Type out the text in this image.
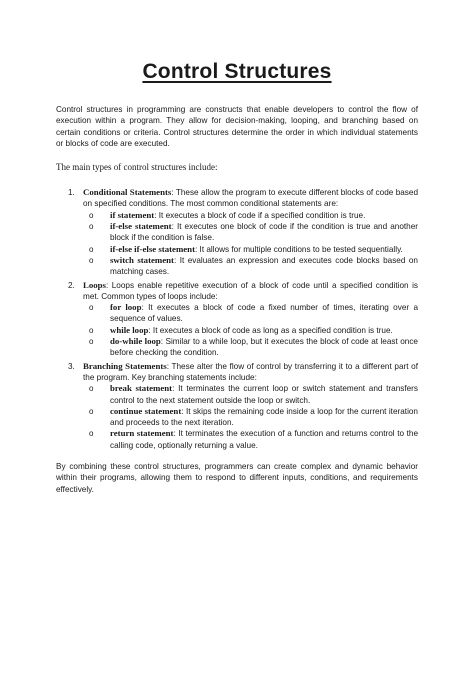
Control Structures

Control structures in programming are constructs that enable developers to control the flow of execution within a program. They allow for decision-making, looping, and branching based on certain conditions or criteria. Control structures determine the order in which individual statements or blocks of code are executed.

The main types of control structures include:

1. Conditional Statements: These allow the program to execute different blocks of code based on specified conditions. The most common conditional statements are:
o if statement: It executes a block of code if a specified condition is true.
o if-else statement: It executes one block of code if the condition is true and another block if the condition is false.
o if-else if-else statement: It allows for multiple conditions to be tested sequentially.
o switch statement: It evaluates an expression and executes code blocks based on matching cases.
2. Loops: Loops enable repetitive execution of a block of code until a specified condition is met. Common types of loops include:
o for loop: It executes a block of code a fixed number of times, iterating over a sequence of values.
o while loop: It executes a block of code as long as a specified condition is true.
o do-while loop: Similar to a while loop, but it executes the block of code at least once before checking the condition.
3. Branching Statements: These alter the flow of control by transferring it to a different part of the program. Key branching statements include:
o break statement: It terminates the current loop or switch statement and transfers control to the next statement outside the loop or switch.
o continue statement: It skips the remaining code inside a loop for the current iteration and proceeds to the next iteration.
o return statement: It terminates the execution of a function and returns control to the calling code, optionally returning a value.

By combining these control structures, programmers can create complex and dynamic behavior within their programs, allowing them to respond to different inputs, conditions, and requirements effectively.
